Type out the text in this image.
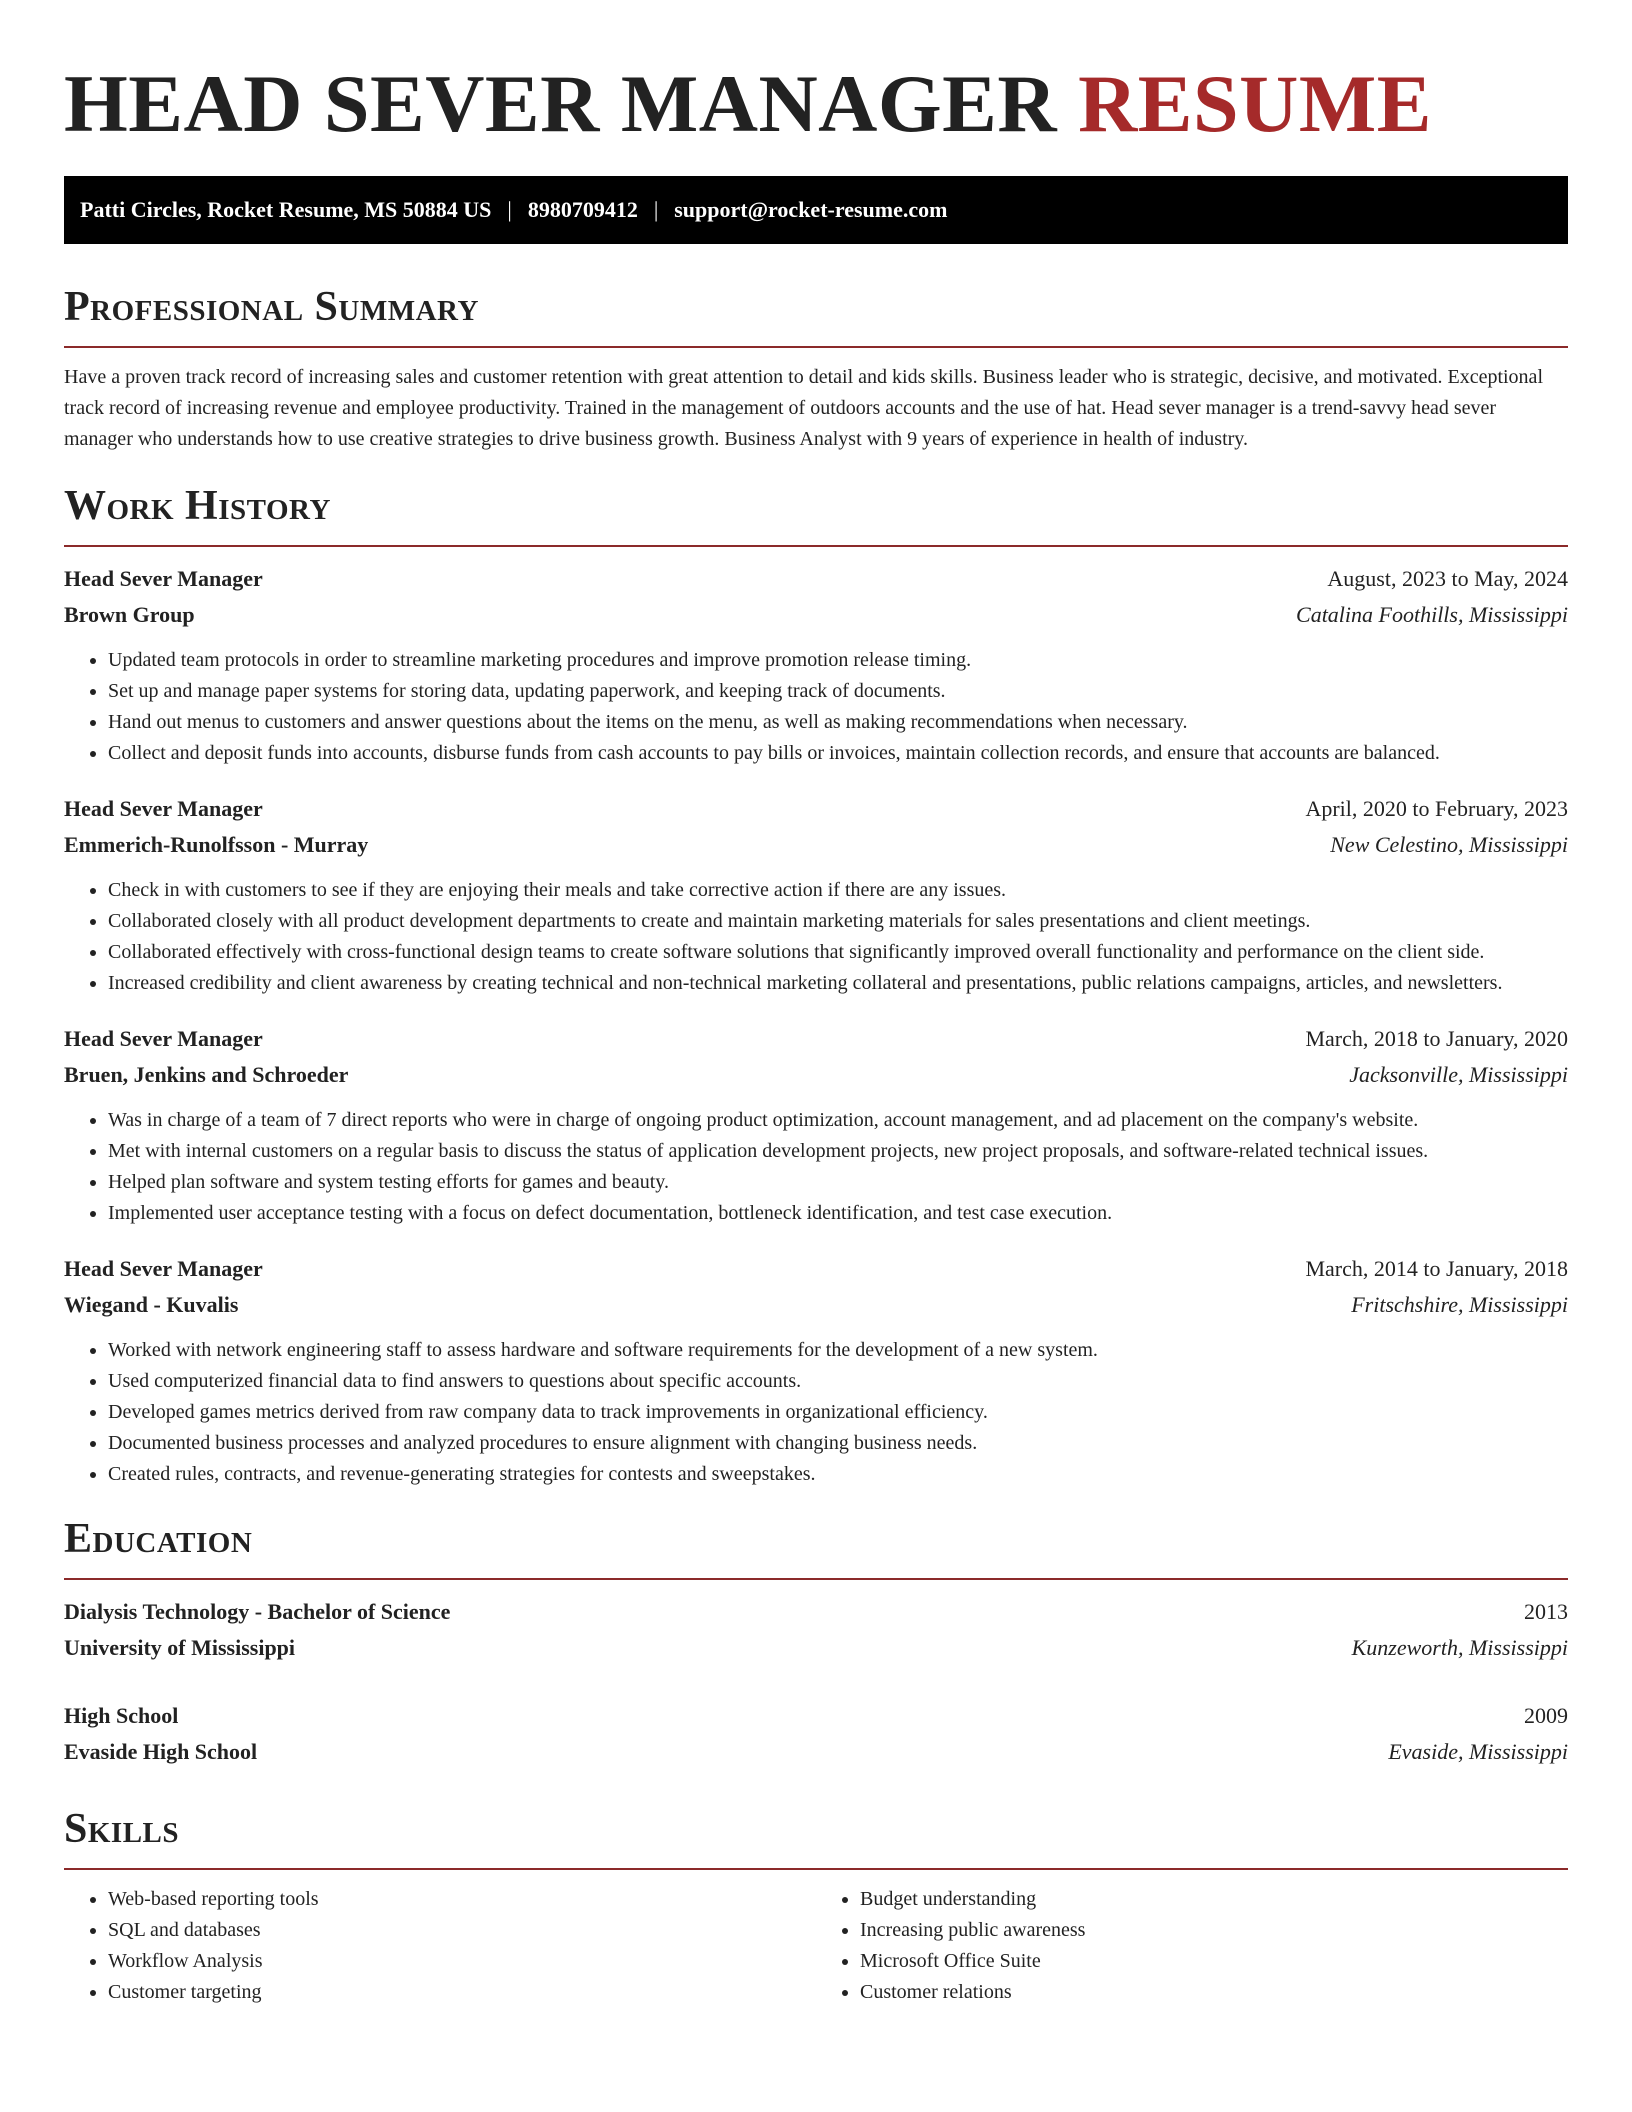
HEAD SEVER MANAGER RESUME
Patti Circles, Rocket Resume, MS 50884 US | 8980709412 | support@rocket-resume.com
Professional Summary

Have a proven track record of increasing sales and customer retention with great attention to detail and kids skills. Business leader who is strategic, decisive, and motivated. Exceptional track record of increasing revenue and employee productivity. Trained in the management of outdoors accounts and the use of hat. Head sever manager is a trend-savvy head sever manager who understands how to use creative strategies to drive business growth. Business Analyst with 9 years of experience in health of industry.

Work History
Head Sever Manager	August, 2023 to May, 2024
Brown Group	Catalina Foothills, Mississippi
• Updated team protocols in order to streamline marketing procedures and improve promotion release timing.
• Set up and manage paper systems for storing data, updating paperwork, and keeping track of documents.
• Hand out menus to customers and answer questions about the items on the menu, as well as making recommendations when necessary.
• Collect and deposit funds into accounts, disburse funds from cash accounts to pay bills or invoices, maintain collection records, and ensure that accounts are balanced.
Head Sever Manager	April, 2020 to February, 2023
Emmerich-Runolfsson - Murray	New Celestino, Mississippi
• Check in with customers to see if they are enjoying their meals and take corrective action if there are any issues.
• Collaborated closely with all product development departments to create and maintain marketing materials for sales presentations and client meetings.
• Collaborated effectively with cross-functional design teams to create software solutions that significantly improved overall functionality and performance on the client side.
• Increased credibility and client awareness by creating technical and non-technical marketing collateral and presentations, public relations campaigns, articles, and newsletters.
Head Sever Manager	March, 2018 to January, 2020
Bruen, Jenkins and Schroeder	Jacksonville, Mississippi
• Was in charge of a team of 7 direct reports who were in charge of ongoing product optimization, account management, and ad placement on the company's website.
• Met with internal customers on a regular basis to discuss the status of application development projects, new project proposals, and software-related technical issues.
• Helped plan software and system testing efforts for games and beauty.
• Implemented user acceptance testing with a focus on defect documentation, bottleneck identification, and test case execution.
Head Sever Manager	March, 2014 to January, 2018
Wiegand - Kuvalis	Fritschshire, Mississippi
• Worked with network engineering staff to assess hardware and software requirements for the development of a new system.
• Used computerized financial data to find answers to questions about specific accounts.
• Developed games metrics derived from raw company data to track improvements in organizational efficiency.
• Documented business processes and analyzed procedures to ensure alignment with changing business needs.
• Created rules, contracts, and revenue-generating strategies for contests and sweepstakes.
Education
Dialysis Technology - Bachelor of Science	2013
University of Mississippi	Kunzeworth, Mississippi
High School	2009
Evaside High School	Evaside, Mississippi
Skills
• Web-based reporting tools
• SQL and databases
• Workflow Analysis
• Customer targeting
• Budget understanding
• Increasing public awareness
• Microsoft Office Suite
• Customer relations
